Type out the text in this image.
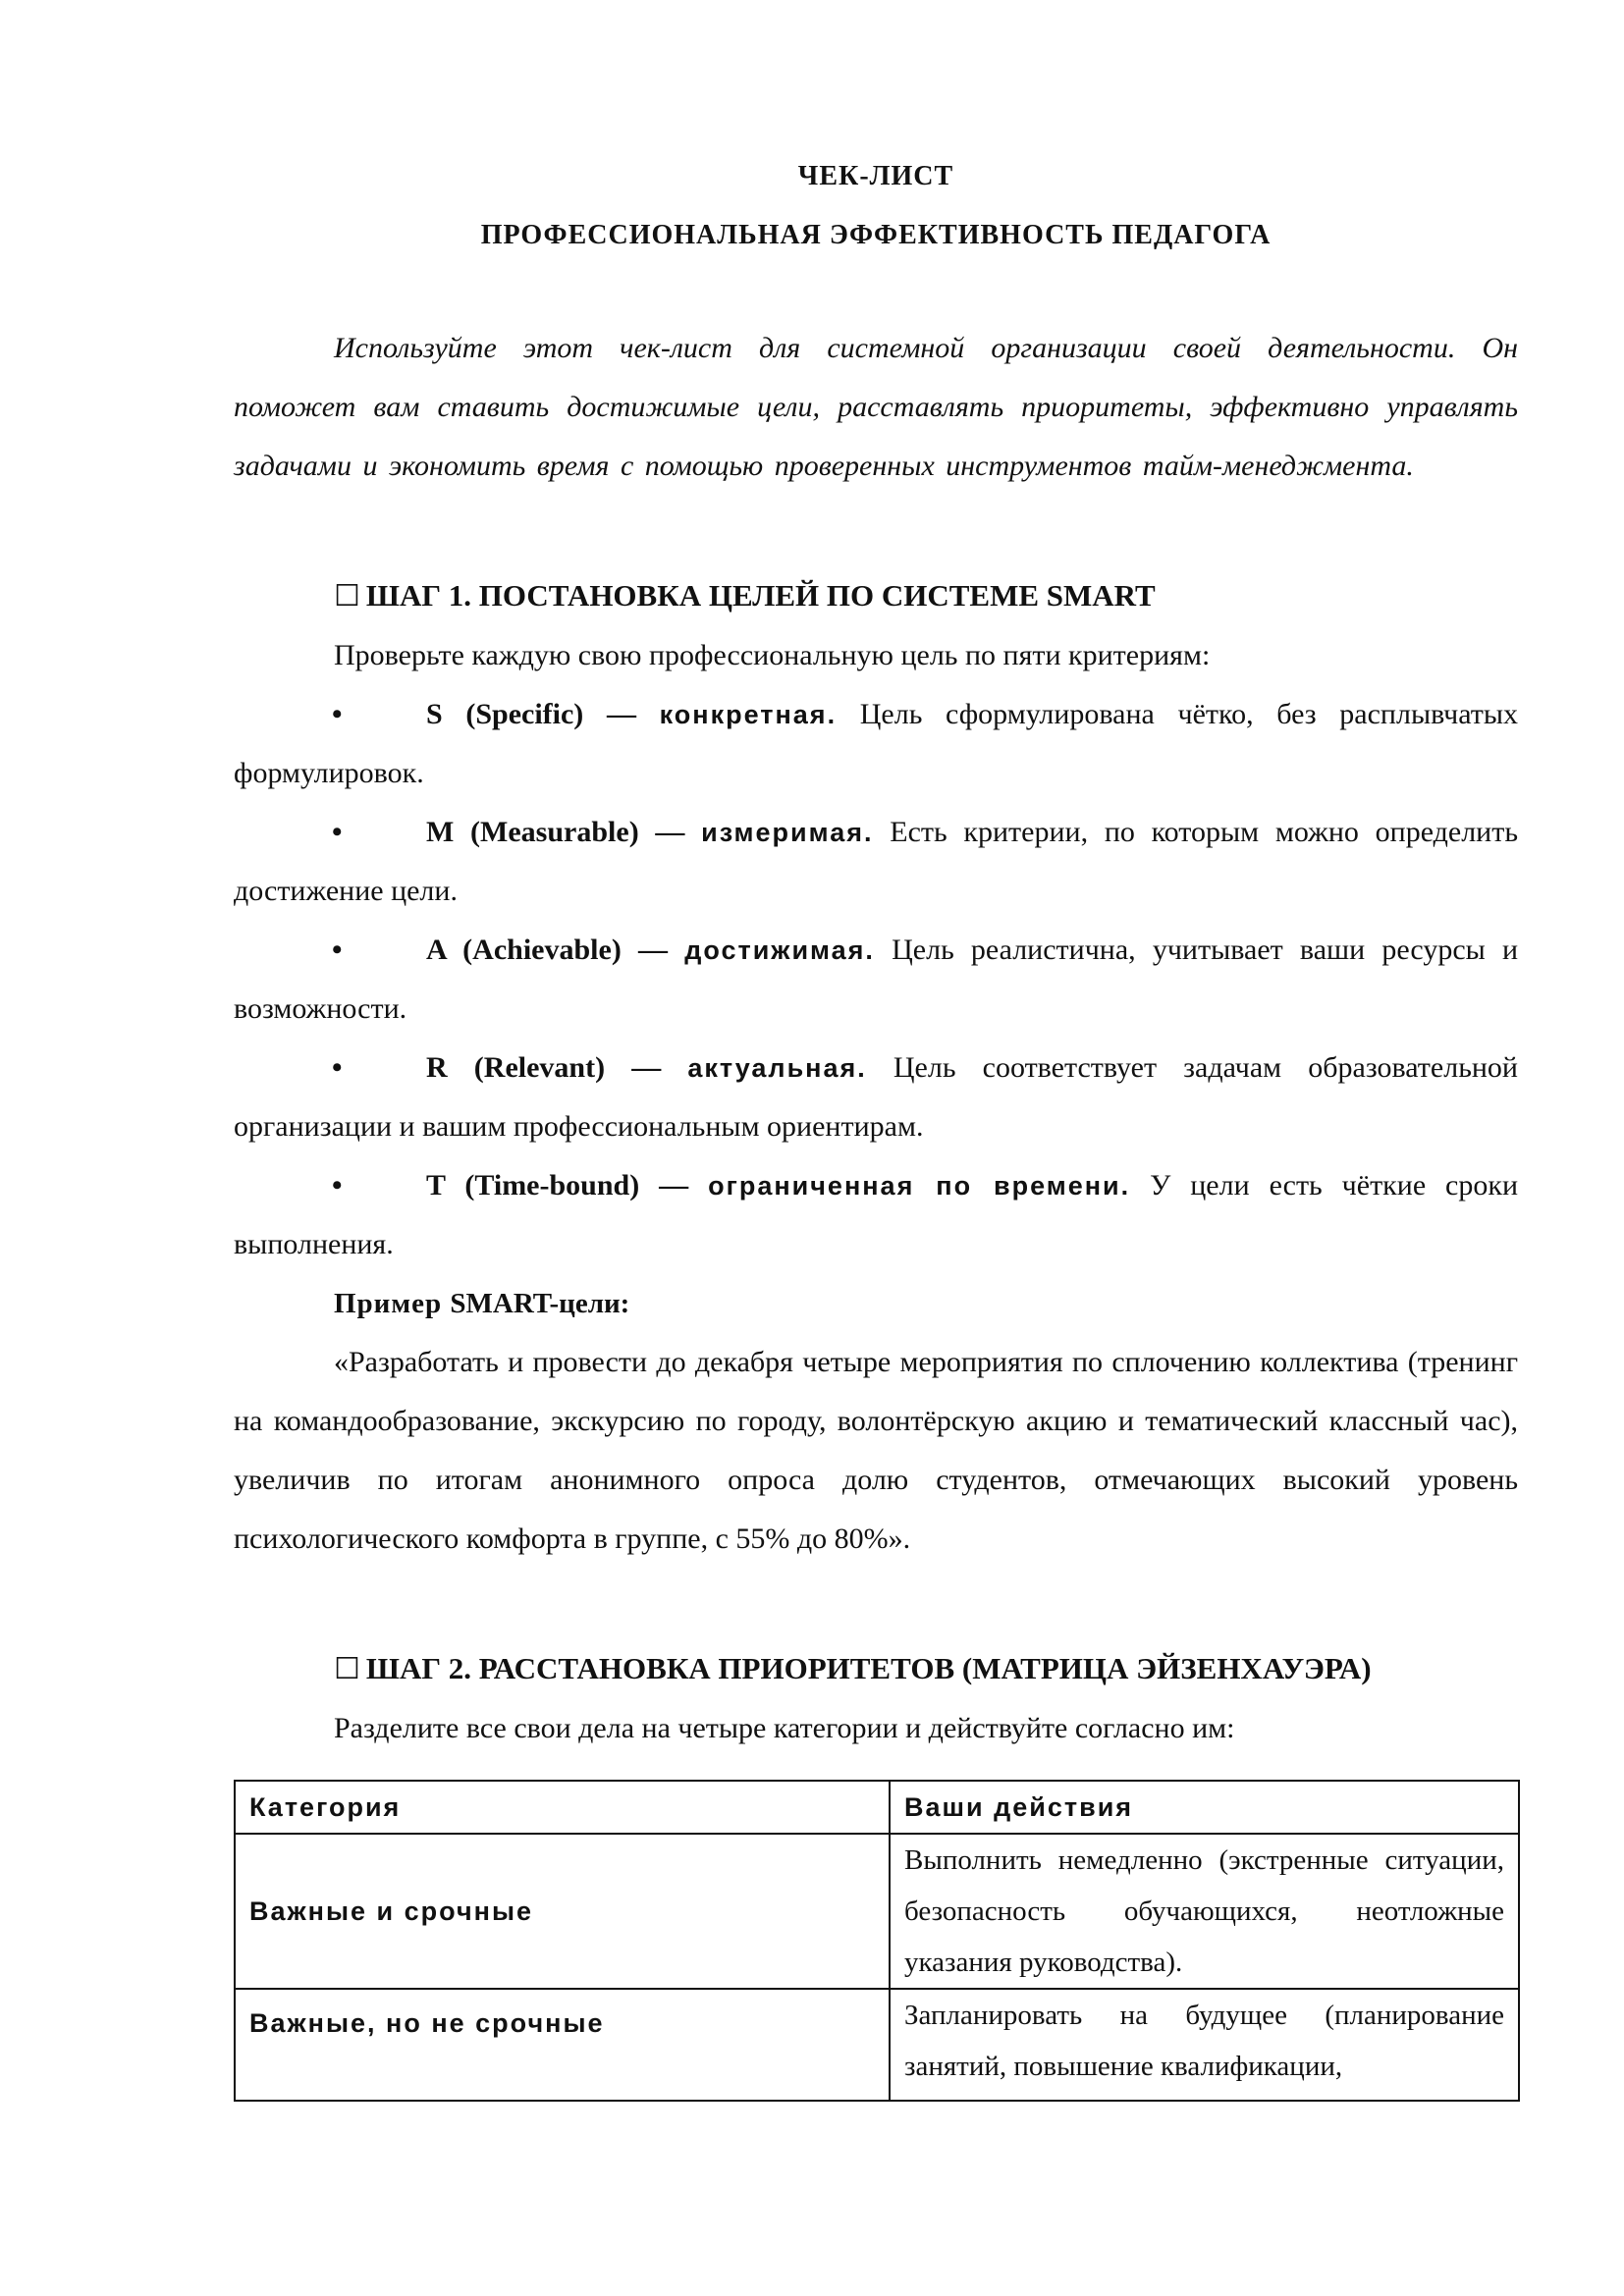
ЧЕК-ЛИСТ

ПРОФЕССИОНАЛЬНАЯ ЭФФЕКТИВНОСТЬ ПЕДАГОГА

Используйте этот чек-лист для системной организации своей деятельности. Он поможет вам ставить достижимые цели, расставлять приоритеты, эффективно управлять задачами и экономить время с помощью проверенных инструментов тайм-менеджмента.

☐ ШАГ 1. ПОСТАНОВКА ЦЕЛЕЙ ПО СИСТЕМЕ SMART

Проверьте каждую свою профессиональную цель по пяти критериям:

•	S (Specific) — конкретная. Цель сформулирована чётко, без расплывчатых формулировок.
•	M (Measurable) — измеримая. Есть критерии, по которым можно определить достижение цели.
•	A (Achievable) — достижимая. Цель реалистична, учитывает ваши ресурсы и возможности.
•	R (Relevant) — актуальная. Цель соответствует задачам образовательной организации и вашим профессиональным ориентирам.
•	T (Time-bound) — ограниченная по времени. У цели есть чёткие сроки выполнения.
Пример SMART-цели:

«Разработать и провести до декабря четыре мероприятия по сплочению коллектива (тренинг на командообразование, экскурсию по городу, волонтёрскую акцию и тематический классный час), увеличив по итогам анонимного опроса долю студентов, отмечающих высокий уровень психологического комфорта в группе, с 55% до 80%».

☐ ШАГ 2. РАССТАНОВКА ПРИОРИТЕТОВ (МАТРИЦА ЭЙЗЕНХАУЭРА)

Разделите все свои дела на четыре категории и действуйте согласно им:

Категория	Ваши действия
Важные и срочные	Выполнить немедленно (экстренные ситуации, безопасность обучающихся, неотложные указания руководства).
Важные, но не срочные	Запланировать на будущее (планирование занятий, повышение квалификации,
